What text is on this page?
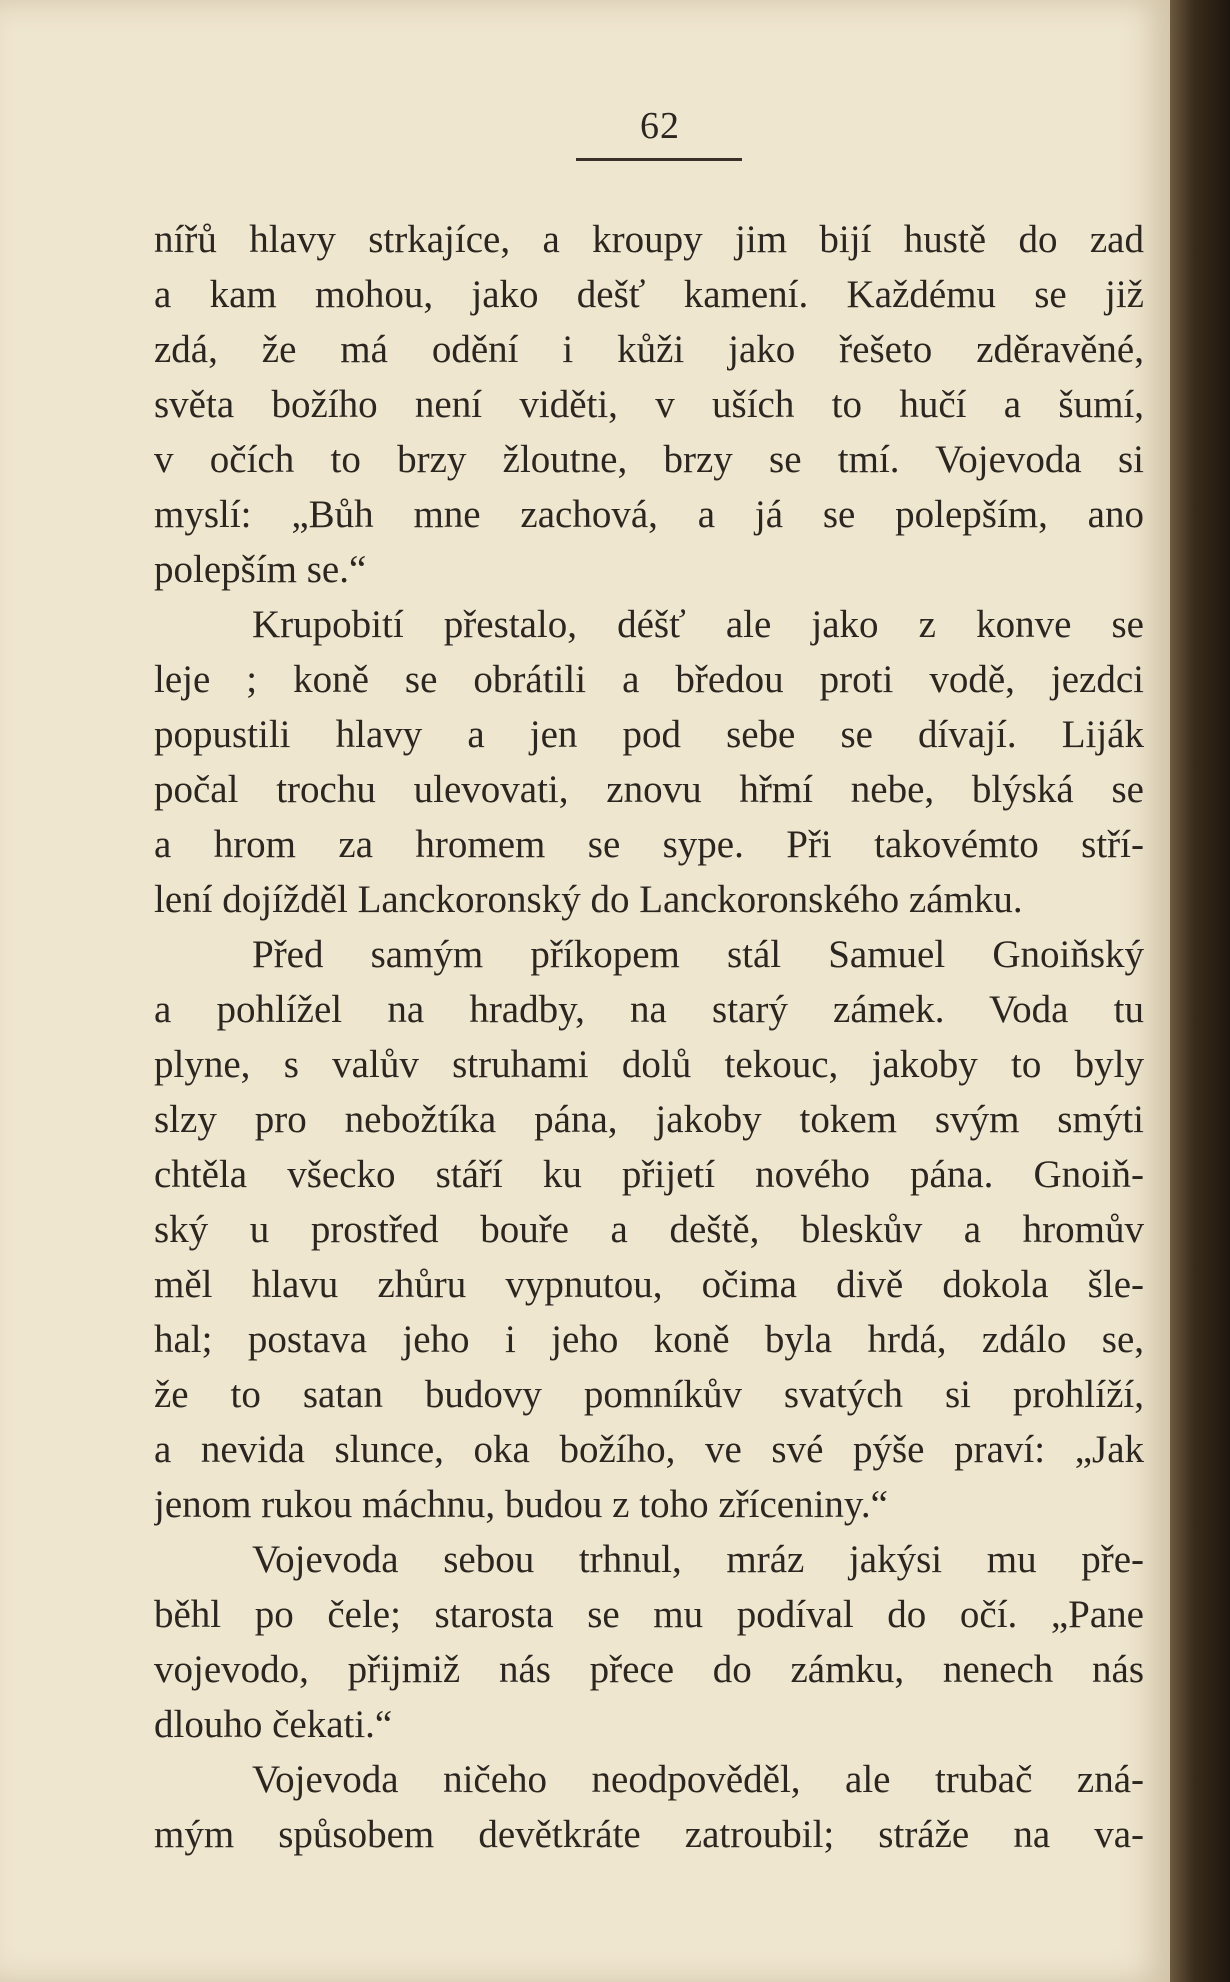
62
nířů hlavy strkajíce, a kroupy jim bijí hustě do zad
a kam mohou, jako dešť kamení. Každému se již
zdá, že má odění i kůži jako řešeto zděravěné,
světa božího není viděti, v uších to hučí a šumí,
v očích to brzy žloutne, brzy se tmí. Vojevoda si
myslí: „Bůh mne zachová, a já se polepším, ano
polepším se.“
Krupobití přestalo, déšť ale jako z konve se
leje ; koně se obrátili a bředou proti vodě, jezdci
popustili hlavy a jen pod sebe se dívají. Liják
počal trochu ulevovati, znovu hřmí nebe, blýská se
a hrom za hromem se sype. Při takovémto stří-
lení dojížděl Lanckoronský do Lanckoronského zámku.
Před samým příkopem stál Samuel Gnoiňský
a pohlížel na hradby, na starý zámek. Voda tu
plyne, s valův struhami dolů tekouc, jakoby to byly
slzy pro nebožtíka pána, jakoby tokem svým smýti
chtěla všecko stáří ku přijetí nového pána. Gnoiň-
ský u prostřed bouře a deště, bleskův a hromův
měl hlavu zhůru vypnutou, očima divě dokola šle-
hal; postava jeho i jeho koně byla hrdá, zdálo se,
že to satan budovy pomníkův svatých si prohlíží,
a nevida slunce, oka božího, ve své pýše praví: „Jak
jenom rukou máchnu, budou z toho zříceniny.“
Vojevoda sebou trhnul, mráz jakýsi mu pře-
běhl po čele; starosta se mu podíval do očí. „Pane
vojevodo, přijmiž nás přece do zámku, nenech nás
dlouho čekati.“
Vojevoda ničeho neodpověděl, ale trubač zná-
mým spůsobem devětkráte zatroubil; stráže na va-
